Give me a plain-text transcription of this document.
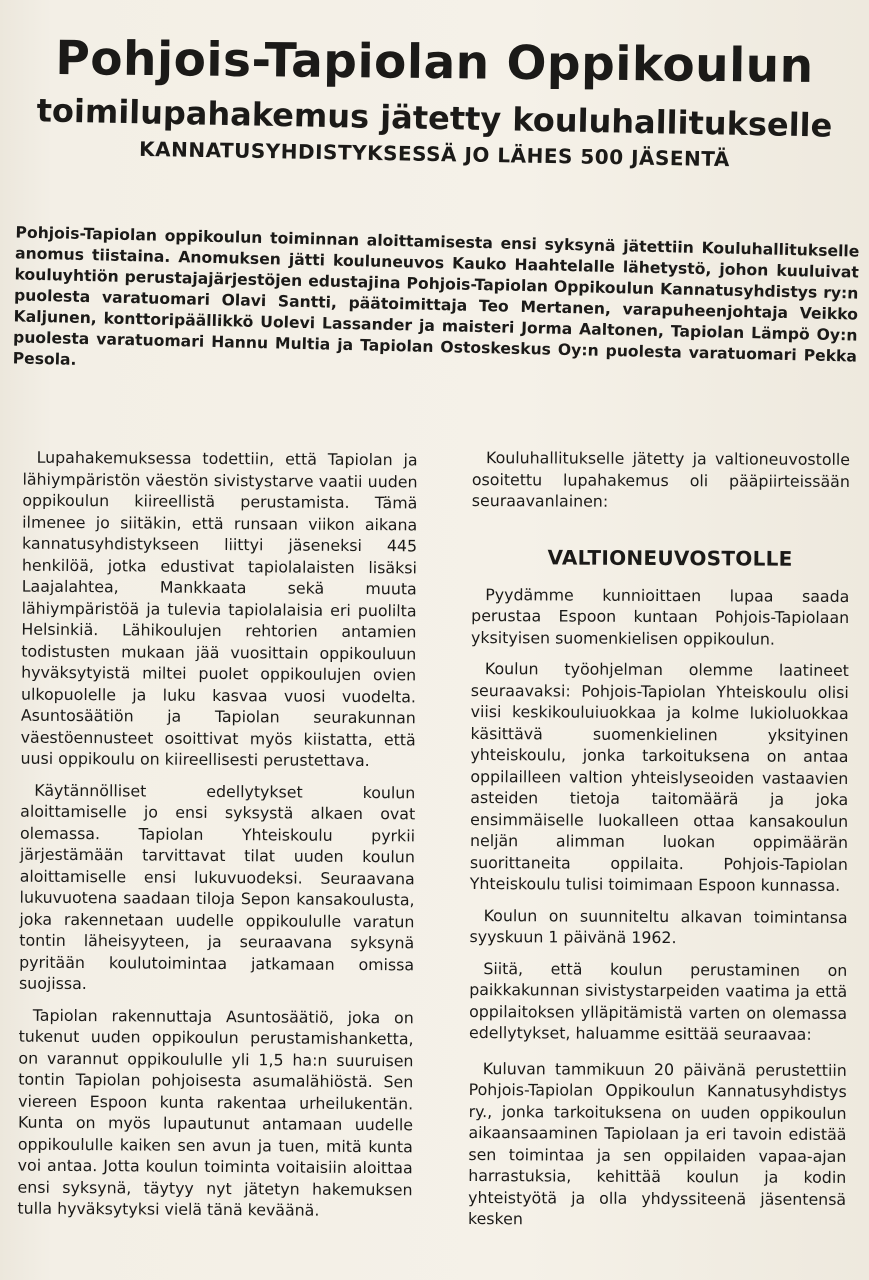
Pohjois-Tapiolan Oppikoulun
toimilupahakemus jätetty kouluhallitukselle
KANNATUSYHDISTYKSESSÄ JO LÄHES 500 JÄSENTÄ
Pohjois-Tapiolan oppikoulun toiminnan aloittamisesta ensi syksynä jätettiin Kouluhallitukselle anomus tiistaina. Anomuksen jätti kouluneuvos Kauko Haahtelalle lähetystö, johon kuuluivat kouluyhtiön perustajajärjestöjen edustajina Pohjois-Tapiolan Oppikoulun Kannatusyhdistys ry:n puolesta varatuomari Olavi Santti, päätoimittaja Teo Mertanen, varapuheenjohtaja Veikko Kaljunen, konttoripäällikkö Uolevi Lassander ja maisteri Jorma Aaltonen, Tapiolan Lämpö Oy:n puolesta varatuomari Hannu Multia ja Tapiolan Ostoskeskus Oy:n puolesta varatuomari Pekka Pesola.

Lupahakemuksessa todettiin, että Tapiolan ja lähiympäristön väestön sivistystarve vaatii uuden oppikoulun kiireellistä perustamista. Tämä ilmenee jo siitäkin, että runsaan viikon aikana kannatusyhdistykseen liittyi jäseneksi 445 henkilöä, jotka edustivat tapiolalaisten lisäksi Laajalahtea, Mankkaata sekä muuta lähiympäristöä ja tulevia tapiolalaisia eri puolilta Helsinkiä. Lähikoulujen rehtorien antamien todistusten mukaan jää vuosittain oppikouluun hyväksytyistä miltei puolet oppikoulujen ovien ulkopuolelle ja luku kasvaa vuosi vuodelta. Asuntosäätiön ja Tapiolan seurakunnan väestöennusteet osoittivat myös kiistatta, että uusi oppikoulu on kiireellisesti perustettava.

Käytännölliset edellytykset koulun aloittamiselle jo ensi syksystä alkaen ovat olemassa. Tapiolan Yhteiskoulu pyrkii järjestämään tarvittavat tilat uuden koulun aloittamiselle ensi lukuvuodeksi. Seuraavana lukuvuotena saadaan tiloja Sepon kansakoulusta, joka rakennetaan uudelle oppikoululle varatun tontin läheisyyteen, ja seuraavana syksynä pyritään koulutoimintaa jatkamaan omissa suojissa.

Tapiolan rakennuttaja Asuntosäätiö, joka on tukenut uuden oppikoulun perustamishanketta, on varannut oppikoululle yli 1,5 ha:n suuruisen tontin Tapiolan pohjoisesta asumalähiöstä. Sen viereen Espoon kunta rakentaa urheilukentän. Kunta on myös lupautunut antamaan uudelle oppikoululle kaiken sen avun ja tuen, mitä kunta voi antaa. Jotta koulun toiminta voitaisiin aloittaa ensi syksynä, täytyy nyt jätetyn hakemuksen tulla hyväksytyksi vielä tänä keväänä.

Kouluhallitukselle jätetty ja valtioneuvostolle osoitettu lupahakemus oli pääpiirteissään seuraavanlainen:

VALTIONEUVOSTOLLE

Pyydämme kunnioittaen lupaa saada perustaa Espoon kuntaan Pohjois-Tapiolaan yksityisen suomenkielisen oppikoulun.

Koulun työohjelman olemme laatineet seuraavaksi: Pohjois-Tapiolan Yhteiskoulu olisi viisi keskikouluiuokkaa ja kolme lukioluokkaa käsittävä suomenkielinen yksityinen yhteiskoulu, jonka tarkoituksena on antaa oppilailleen valtion yhteislyseoiden vastaavien asteiden tietoja taitomäärä ja joka ensimmäiselle luokalleen ottaa kansakoulun neljän alimman luokan oppimäärän suorittaneita oppilaita. Pohjois-Tapiolan Yhteiskoulu tulisi toimimaan Espoon kunnassa.

Koulun on suunniteltu alkavan toimintansa syyskuun 1 päivänä 1962.

Siitä, että koulun perustaminen on paikkakunnan sivistystarpeiden vaatima ja että oppilaitoksen ylläpitämistä varten on olemassa edellytykset, haluamme esittää seuraavaa:

Kuluvan tammikuun 20 päivänä perustettiin Pohjois-Tapiolan Oppikoulun Kannatusyhdistys ry., jonka tarkoituksena on uuden oppikoulun aikaansaaminen Tapiolaan ja eri tavoin edistää sen toimintaa ja sen oppilaiden vapaa-ajan harrastuksia, kehittää koulun ja kodin yhteistyötä ja olla yhdyssiteenä jäsentensä kesken
